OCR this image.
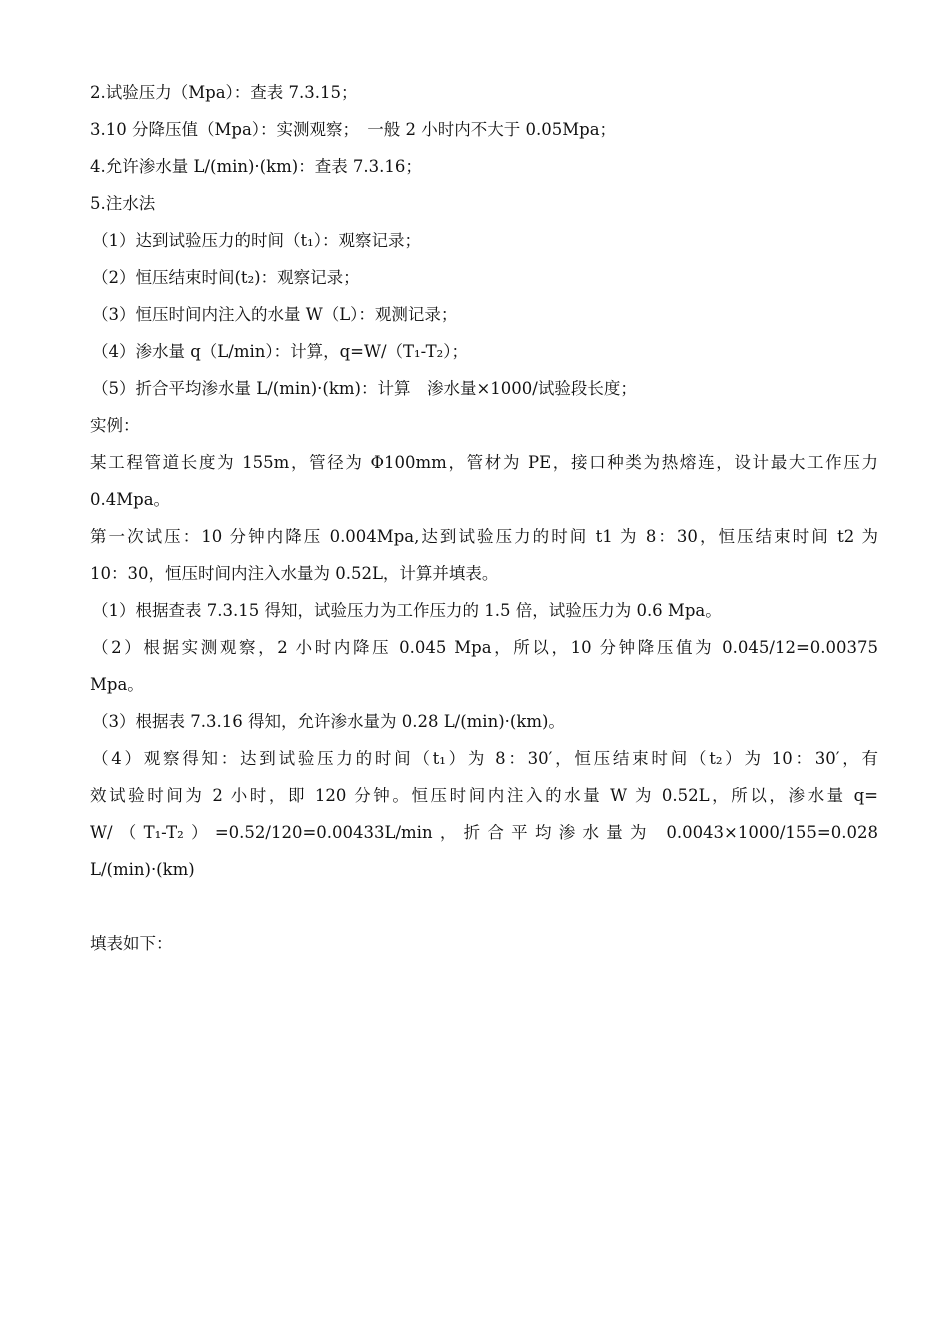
2.试验压力（Mpa）：查表 7.3.15；
3.10 分降压值（Mpa）：实测观察；　一般 2 小时内不大于 0.05Mpa；
4.允许渗水量 L/(min)·(km)：查表 7.3.16；
5.注水法
（1）达到试验压力的时间（t₁）：观察记录；
（2）恒压结束时间(t₂)：观察记录；
（3）恒压时间内注入的水量 W（L）：观测记录；
（4）渗水量 q（L/min）：计算，q=W/（T₁-T₂）；
（5）折合平均渗水量 L/(min)·(km)：计算　渗水量×1000/试验段长度；
实例：
某工程管道长度为 155m，管径为 Φ100mm，管材为 PE，接口种类为热熔连，设计最大工作压力
0.4Mpa。
第一次试压：10 分钟内降压 0.004Mpa,达到试验压力的时间 t1 为 8：30，恒压结束时间 t2 为
10：30，恒压时间内注入水量为 0.52L，计算并填表。
（1）根据查表 7.3.15 得知，试验压力为工作压力的 1.5 倍，试验压力为 0.6 Mpa。
（2）根据实测观察，2 小时内降压 0.045 Mpa，所以，10 分钟降压值为 0.045/12=0.00375
Mpa。
（3）根据表 7.3.16 得知，允许渗水量为 0.28 L/(min)·(km)。
（4）观察得知：达到试验压力的时间（t₁）为 8：30′，恒压结束时间（t₂）为 10：30′，有
效试验时间为 2 小时，即 120 分钟。恒压时间内注入的水量 W 为 0.52L，所以，渗水量 q=
W/（T₁-T₂）=0.52/120=0.00433L/min，折合平均渗水量为 0.0043×1000/155=0.028
L/(min)·(km)
填表如下：
